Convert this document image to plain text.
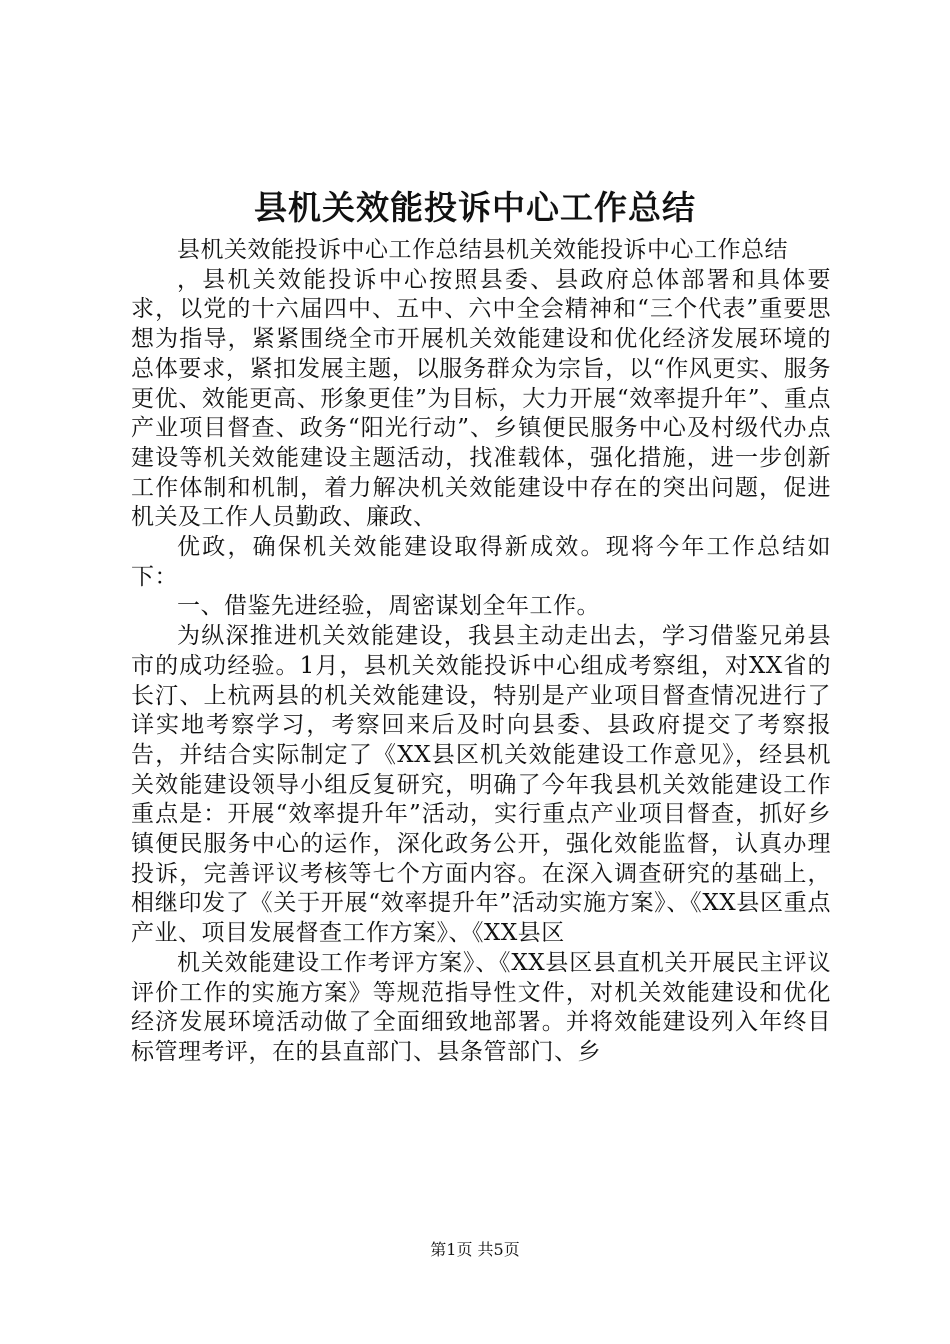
县机关效能投诉中心工作总结

县机关效能投诉中心工作总结县机关效能投诉中心工作总结

，县机关效能投诉中心按照县委、县政府总体部署和具体要求，以党的十六届四中、五中、六中全会精神和“三个代表”重要思想为指导，紧紧围绕全市开展机关效能建设和优化经济发展环境的总体要求，紧扣发展主题，以服务群众为宗旨，以“作风更实、服务更优、效能更高、形象更佳”为目标，大力开展“效率提升年”、重点产业项目督查、政务“阳光行动”、乡镇便民服务中心及村级代办点建设等机关效能建设主题活动，找准载体，强化措施，进一步创新工作体制和机制，着力解决机关效能建设中存在的突出问题，促进机关及工作人员勤政、廉政、

优政，确保机关效能建设取得新成效。现将今年工作总结如下：

一、借鉴先进经验，周密谋划全年工作。

为纵深推进机关效能建设，我县主动走出去，学习借鉴兄弟县市的成功经验。1月，县机关效能投诉中心组成考察组，对XX省的长汀、上杭两县的机关效能建设，特别是产业项目督查情况进行了详实地考察学习，考察回来后及时向县委、县政府提交了考察报告，并结合实际制定了《XX县区机关效能建设工作意见》，经县机关效能建设领导小组反复研究，明确了今年我县机关效能建设工作重点是：开展“效率提升年”活动，实行重点产业项目督查，抓好乡镇便民服务中心的运作，深化政务公开，强化效能监督，认真办理投诉，完善评议考核等七个方面内容。在深入调查研究的基础上，相继印发了《关于开展“效率提升年”活动实施方案》、《XX县区重点产业、项目发展督查工作方案》、《XX县区

机关效能建设工作考评方案》、《XX县区县直机关开展民主评议评价工作的实施方案》等规范指导性文件，对机关效能建设和优化经济发展环境活动做了全面细致地部署。并将效能建设列入年终目标管理考评，在的县直部门、县条管部门、乡

第1页 共5页
